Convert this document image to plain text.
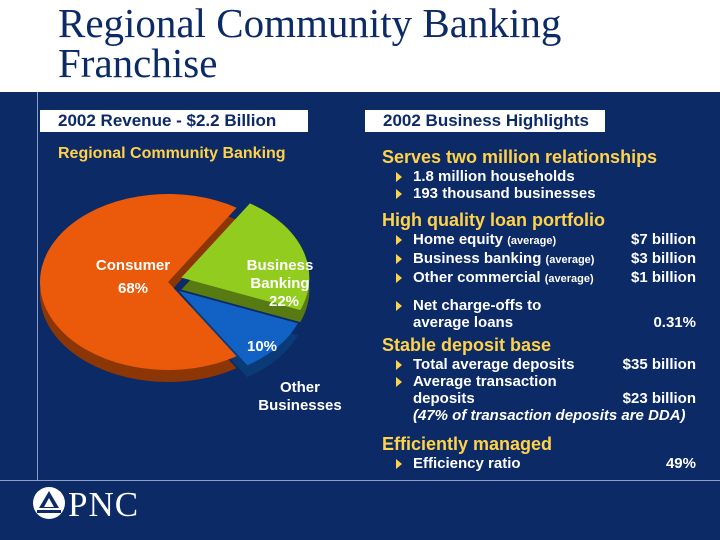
Regional Community Banking
Franchise
2002 Revenue - $2.2 Billion	2002 Business Highlights
Regional Community Banking
Consumer
68%
Business
Banking
22%
10%
Other
Businesses
Serves two million relationships
1.8 million households
193 thousand businesses
High quality loan portfolio
Home equity (average)	$7 billion
Business banking (average) $3 billion
Other commercial (average) $1 billion
Net charge-offs to
average loans	0.31%
Stable deposit base
Total average deposits	$35 billion
Average transaction
deposits	$23 billion

(47% of transaction deposits are DDA)
Efficiently managed
Efficiency ratio	49%
PNC
